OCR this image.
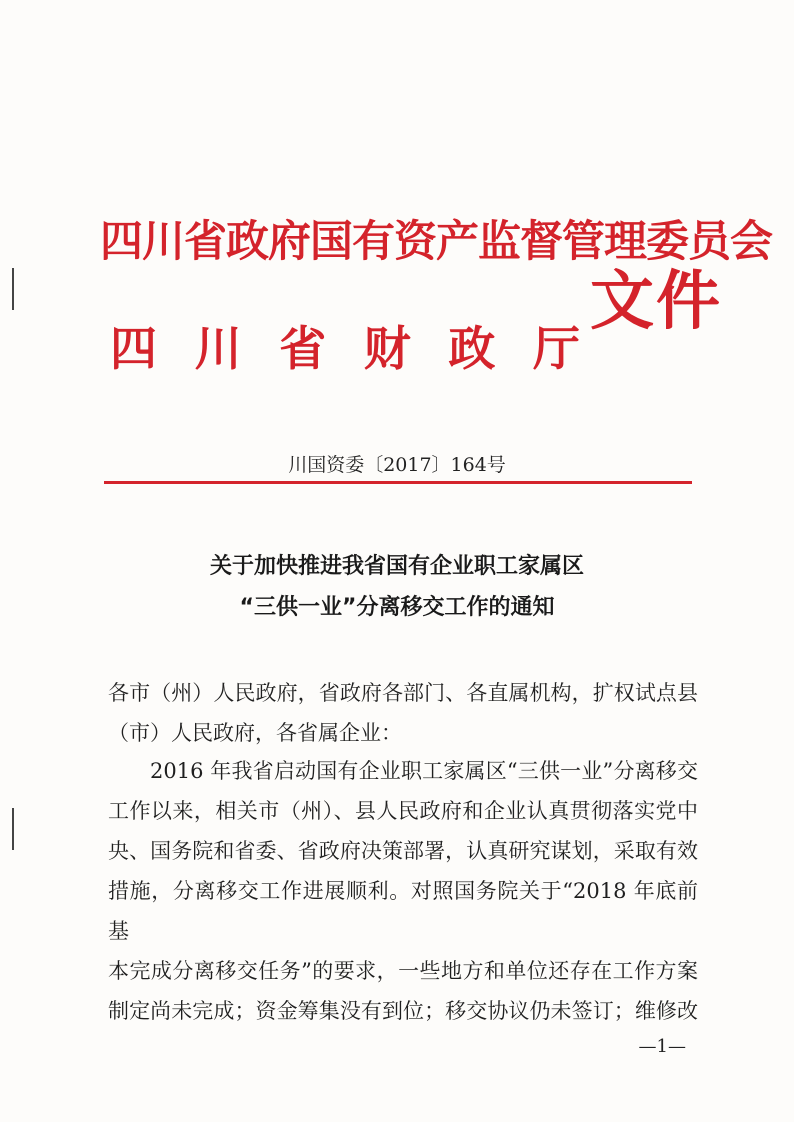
四川省政府国有资产监督管理委员会
四 川 省 财 政 厅
文件
川国资委〔2017〕164号
关于加快推进我省国有企业职工家属区
“三供一业”分离移交工作的通知

各市（州）人民政府，省政府各部门、各直属机构，扩权试点县

（市）人民政府，各省属企业：

2016 年我省启动国有企业职工家属区“三供一业”分离移交

工作以来，相关市（州）、县人民政府和企业认真贯彻落实党中

央、国务院和省委、省政府决策部署，认真研究谋划，采取有效

措施，分离移交工作进展顺利。对照国务院关于“2018 年底前基

本完成分离移交任务”的要求，一些地方和单位还存在工作方案

制定尚未完成；资金筹集没有到位；移交协议仍未签订；维修改

—1—
